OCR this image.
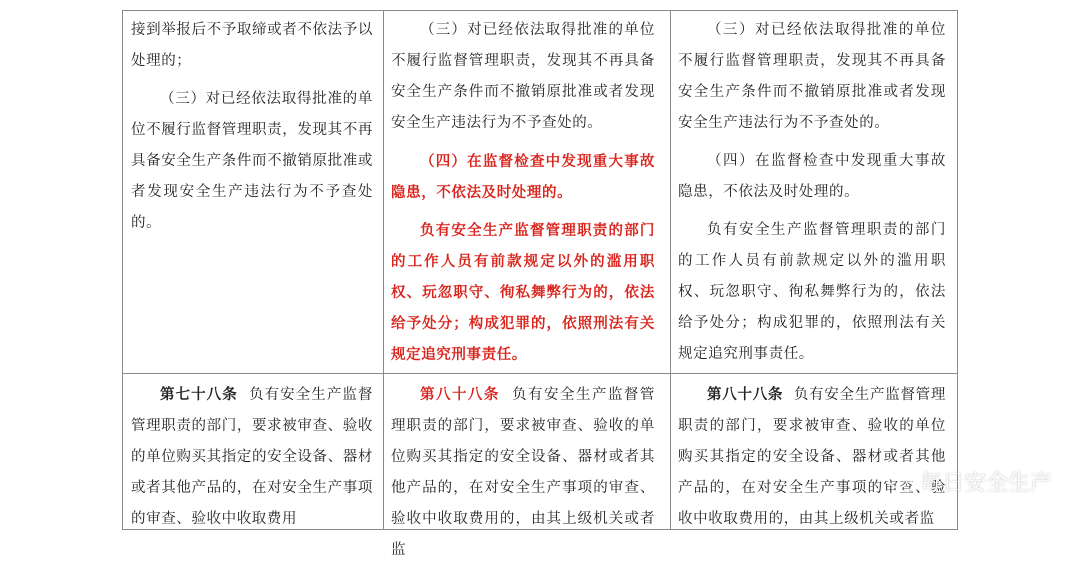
接到举报后不予取缔或者不依法予以处理的；

（三）对已经依法取得批准的单位不履行监督管理职责，发现其不再具备安全生产条件而不撤销原批准或者发现安全生产违法行为不予查处的。

（三）对已经依法取得批准的单位不履行监督管理职责，发现其不再具备安全生产条件而不撤销原批准或者发现安全生产违法行为不予查处的。

（四）在监督检查中发现重大事故隐患，不依法及时处理的。

负有安全生产监督管理职责的部门的工作人员有前款规定以外的滥用职权、玩忽职守、徇私舞弊行为的，依法给予处分；构成犯罪的，依照刑法有关规定追究刑事责任。

（三）对已经依法取得批准的单位不履行监督管理职责，发现其不再具备安全生产条件而不撤销原批准或者发现安全生产违法行为不予查处的。

（四）在监督检查中发现重大事故隐患，不依法及时处理的。

负有安全生产监督管理职责的部门的工作人员有前款规定以外的滥用职权、玩忽职守、徇私舞弊行为的，依法给予处分；构成犯罪的，依照刑法有关规定追究刑事责任。

第七十八条 负有安全生产监督管理职责的部门，要求被审查、验收的单位购买其指定的安全设备、器材或者其他产品的，在对安全生产事项的审查、验收中收取费用

第八十八条 负有安全生产监督管理职责的部门，要求被审查、验收的单位购买其指定的安全设备、器材或者其他产品的，在对安全生产事项的审查、验收中收取费用的，由其上级机关或者监

第八十八条 负有安全生产监督管理职责的部门，要求被审查、验收的单位购买其指定的安全设备、器材或者其他产品的，在对安全生产事项的审查、验收中收取费用的，由其上级机关或者监

每日安全生产
